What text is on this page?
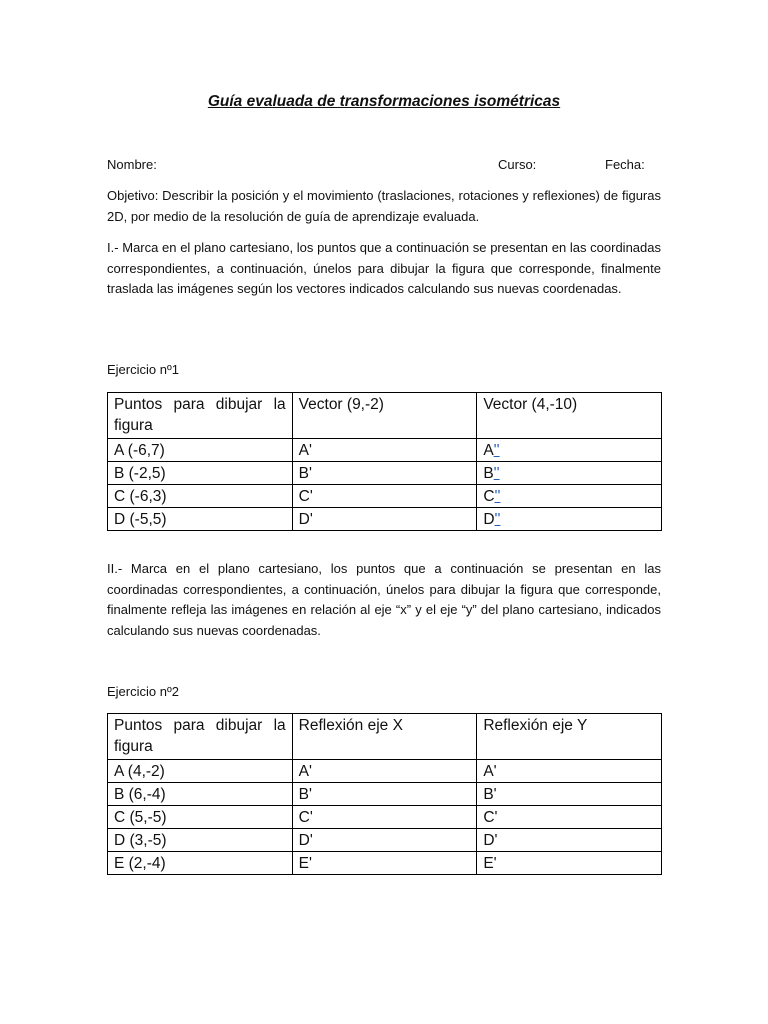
Guía evaluada de transformaciones isométricas
Nombre:	Curso:	Fecha:
Objetivo: Describir la posición y el movimiento (traslaciones, rotaciones y reflexiones) de figuras 2D, por medio de la resolución de guía de aprendizaje evaluada.
I.- Marca en el plano cartesiano, los puntos que a continuación se presentan en las coordinadas correspondientes, a continuación, únelos para dibujar la figura que corresponde, finalmente traslada las imágenes según los vectores indicados calculando sus nuevas coordenadas.
Ejercicio nº1
Puntos para dibujar la figura	Vector (9,-2)	Vector (4,-10)
A (-6,7)	A'	A''
B (-2,5)	B'	B''
C (-6,3)	C'	C''
D (-5,5)	D'	D''
II.- Marca en el plano cartesiano, los puntos que a continuación se presentan en las coordinadas correspondientes, a continuación, únelos para dibujar la figura que corresponde, finalmente refleja las imágenes en relación al eje “x” y el eje “y” del plano cartesiano, indicados calculando sus nuevas coordenadas.
Ejercicio nº2
Puntos para dibujar la figura	Reflexión eje X	Reflexión eje Y
A (4,-2)	A'	A'
B (6,-4)	B'	B'
C (5,-5)	C'	C'
D (3,-5)	D'	D'
E (2,-4)	E'	E'
